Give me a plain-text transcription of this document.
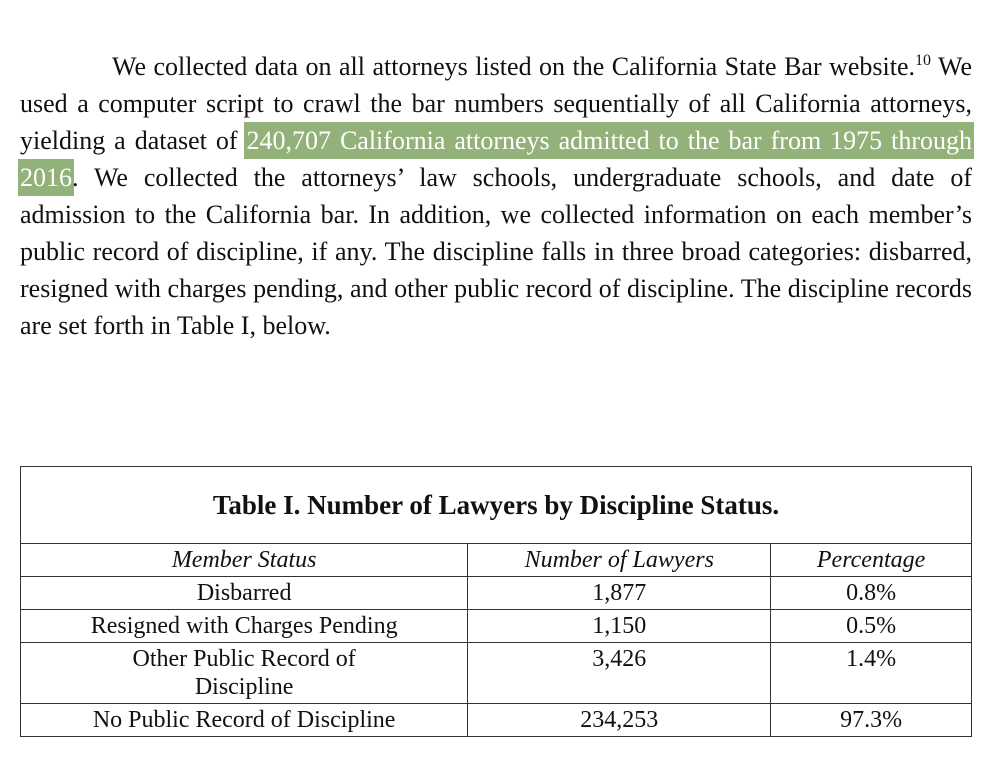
We collected data on all attorneys listed on the California State Bar website.$^{10}$ We used a computer script to crawl the bar numbers sequentially of all California attorneys, yielding a dataset of 240,707 California attorneys admitted to the bar from 1975 through 2016. We collected the attorneys’ law schools, undergraduate schools, and date of admission to the California bar. In addition, we collected information on each member’s public record of discipline, if any. The discipline falls in three broad categories: disbarred, resigned with charges pending, and other public record of discipline. The discipline records are set forth in Table I, below.

Table I. Number of Lawyers by Discipline Status.		
Member Status	Number of Lawyers	Percentage
Disbarred	1,877	0.8%
Resigned with Charges Pending	1,150	0.5%
Other Public Record of Discipline	3,426	1.4%
No Public Record of Discipline	234,253	97.3%
